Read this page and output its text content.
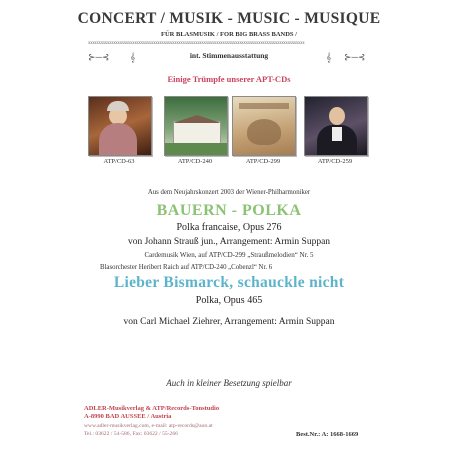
CONCERT / MUSIK - MUSIC - MUSIQUE
FÜR BLASMUSIK / FOR BIG BRASS BANDS /
xxxxxxxxxxxxxxxxxxxxxxxxxxxxxxxxxxxxxxxxxxxxxxxxxxxxxxxxxxxxxxxxxxxxxxxxxxxxxxxxxxxxxxxxxxxxxxxxxxxxxxx
⊱─⊰ 𝄞	𝄞 ⊱─⊰
int. Stimmenausstattung
Einige Trümpfe unserer APT-CDs
ATP/CD-63	ATP/CD-240	ATP/CD-299	ATP/CD-259
Aus dem Neujahrskonzert 2003 der Wiener-Philharmoniker
BAUERN - POLKA
Polka francaise, Opus 276
von Johann Strauß jun., Arrangement: Armin Suppan
Cardemusik Wien, auf ATP/CD-299 „Straußmelodien“ Nr. 5
Blasorchester Heribert Raich auf ATP/CD-240 „Cobenzl“ Nr. 6
Lieber Bismarck, schauckle nicht
Polka, Opus 465
von Carl Michael Ziehrer, Arrangement: Armin Suppan
Auch in kleiner Besetzung spielbar
ADLER-Musikverlag & ATP/Records-Tonstudio
A-8990 BAD AUSSEE / Austria
www.adler-musikverlag.com, e-mail: atp-records@aon.at
Tel.: 03622 / 54-586, Fax: 03622 / 55-266	Best.Nr.: A: 1668-1669
